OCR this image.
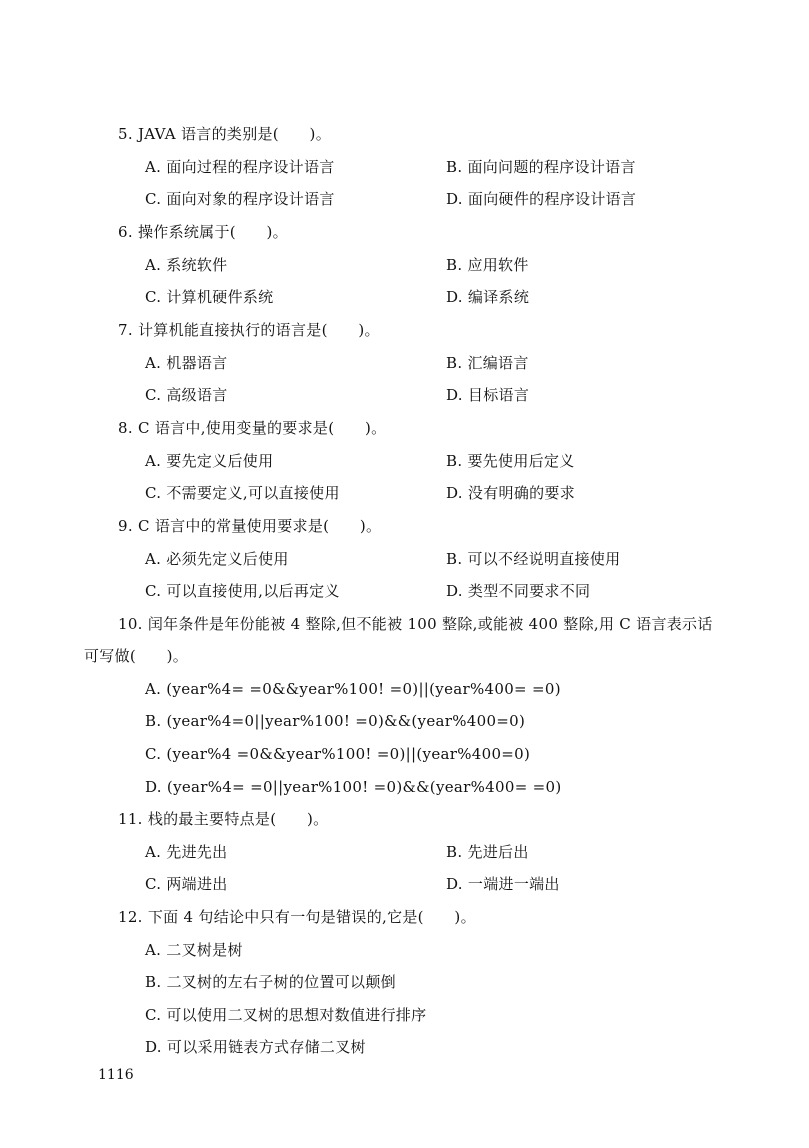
5. JAVA 语言的类别是(　　)。
A. 面向过程的程序设计语言	B. 面向问题的程序设计语言
C. 面向对象的程序设计语言	D. 面向硬件的程序设计语言
6. 操作系统属于(　　)。
A. 系统软件	B. 应用软件
C. 计算机硬件系统	D. 编译系统
7. 计算机能直接执行的语言是(　　)。
A. 机器语言	B. 汇编语言
C. 高级语言	D. 目标语言
8. C 语言中,使用变量的要求是(　　)。
A. 要先定义后使用	B. 要先使用后定义
C. 不需要定义,可以直接使用	D. 没有明确的要求
9. C 语言中的常量使用要求是(　　)。
A. 必须先定义后使用	B. 可以不经说明直接使用
C. 可以直接使用,以后再定义	D. 类型不同要求不同
10. 闰年条件是年份能被 4 整除,但不能被 100 整除,或能被 400 整除,用 C 语言表示话
可写做(　　)。
A. (year%4= =0&&year%100! =0)||(year%400= =0)
B. (year%4=0||year%100! =0)&&(year%400=0)
C. (year%4 =0&&year%100! =0)||(year%400=0)
D. (year%4= =0||year%100! =0)&&(year%400= =0)
11. 栈的最主要特点是(　　)。
A. 先进先出	B. 先进后出
C. 两端进出	D. 一端进一端出
12. 下面 4 句结论中只有一句是错误的,它是(　　)。
A. 二叉树是树
B. 二叉树的左右子树的位置可以颠倒
C. 可以使用二叉树的思想对数值进行排序
D. 可以采用链表方式存储二叉树
1116
